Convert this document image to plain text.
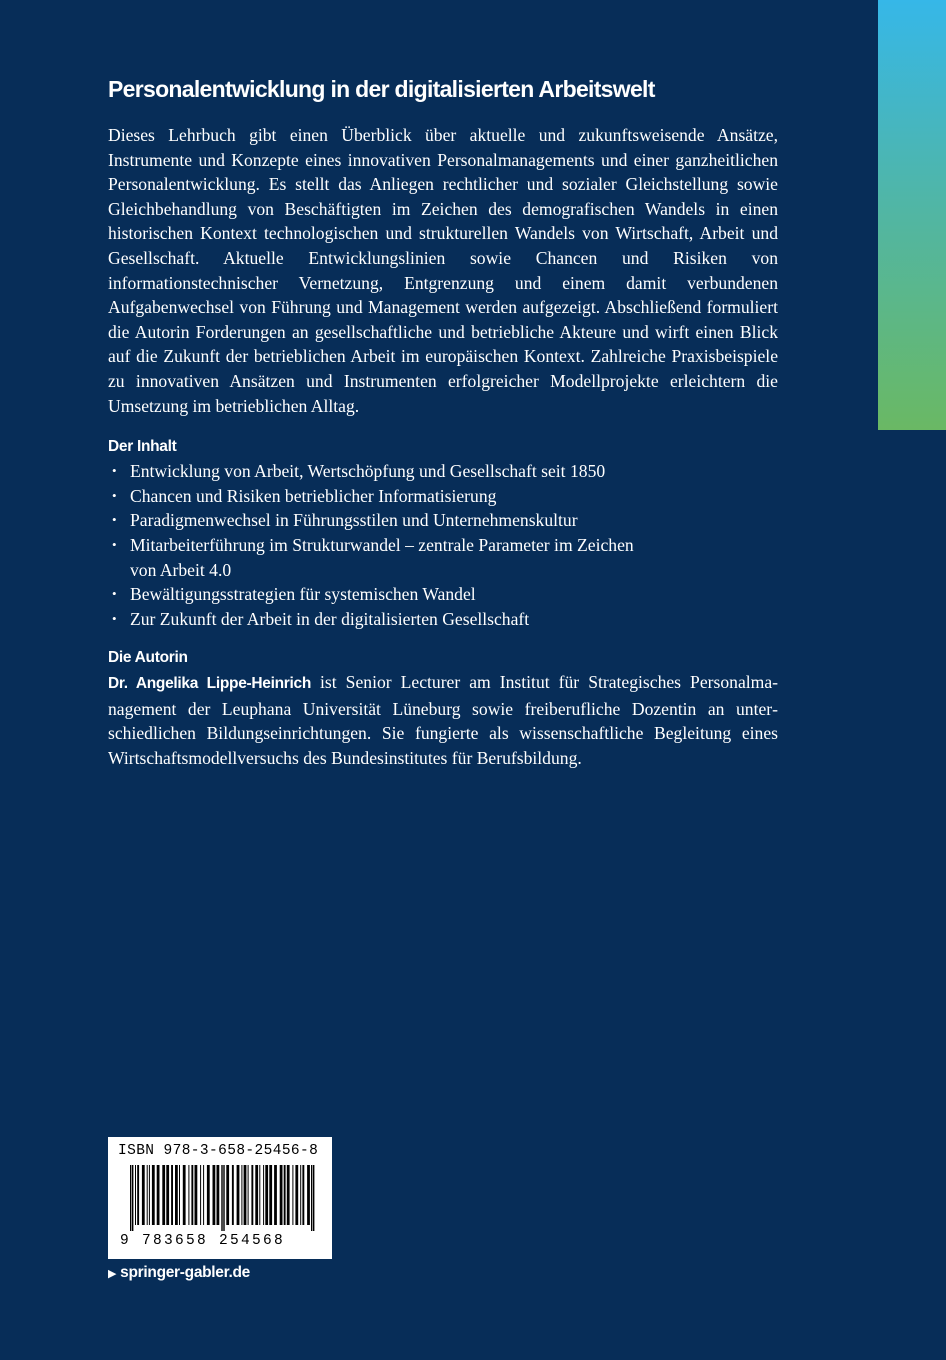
Personalentwicklung in der digitalisierten Arbeitswelt

Dieses Lehrbuch gibt einen Überblick über aktuelle und zukunftsweisende Ansätze, Instrumente und Konzepte eines innovativen Personalmanagements und einer ganzheitlichen Personalentwicklung. Es stellt das Anliegen rechtlicher und sozialer Gleichstellung sowie Gleichbehandlung von Beschäftigten im Zeichen des demografischen Wandels in einen historischen Kontext technologischen und strukturellen Wandels von Wirtschaft, Arbeit und Gesellschaft. Aktuelle Entwicklungslinien sowie Chancen und Risiken von informationstechnischer Vernetzung, Entgrenzung und einem damit verbundenen Aufgabenwechsel von Führung und Management werden aufgezeigt. Abschließend formuliert die Autorin Forderungen an gesellschaftliche und betriebliche Akteure und wirft einen Blick auf die Zukunft der betrieblichen Arbeit im europäischen Kontext. Zahlreiche Praxisbeispiele zu innovativen Ansätzen und Instrumenten erfolgreicher Modellprojekte erleichtern die Umsetzung im betrieblichen Alltag.

Der Inhalt
• Entwicklung von Arbeit, Wertschöpfung und Gesellschaft seit 1850
• Chancen und Risiken betrieblicher Informatisierung
• Paradigmenwechsel in Führungsstilen und Unternehmenskultur
• Mitarbeiterführung im Strukturwandel – zentrale Parameter im Zeichen von Arbeit 4.0
• Bewältigungsstrategien für systemischen Wandel
• Zur Zukunft der Arbeit in der digitalisierten Gesellschaft
Die Autorin

Dr. Angelika Lippe-Heinrich ist Senior Lecturer am Institut für Strategisches Personalmanagement der Leuphana Universität Lüneburg sowie freiberufliche Dozentin an unterschiedlichen Bildungseinrichtungen. Sie fungierte als wissenschaftliche Begleitung eines Wirtschaftsmodellversuchs des Bundesinstitutes für Berufsbildung.

ISBN 978-3-658-25456-8
9 783658 254568
▶ springer-gabler.de
